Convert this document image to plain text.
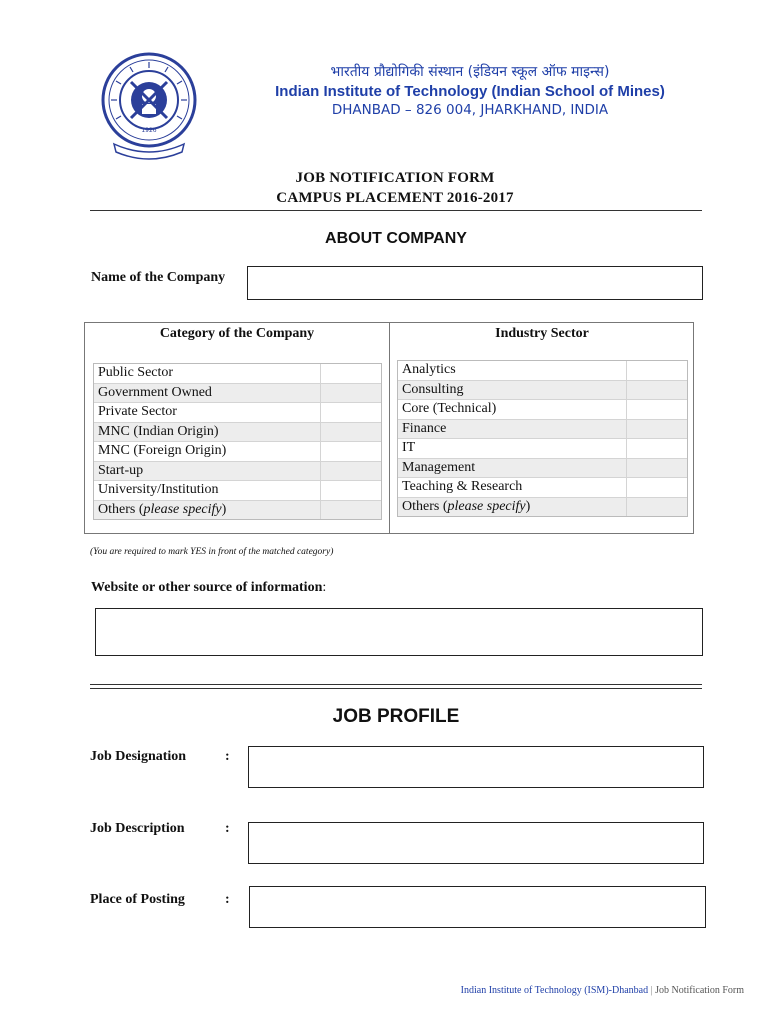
1926
भारतीय प्रौद्योगिकी संस्थान (इंडियन स्कूल ऑफ माइन्स)
Indian Institute of Technology (Indian School of Mines)
DHANBAD – 826 004, JHARKHAND, INDIA
JOB NOTIFICATION FORM
CAMPUS PLACEMENT 2016-2017
ABOUT COMPANY
Name of the Company
Category of the Company	Industry Sector
Public Sector
Government Owned
Private Sector
MNC (Indian Origin)
MNC (Foreign Origin)
Start-up
University/Institution
Others (please specify)
Analytics
Consulting
Core (Technical)
Finance
IT
Management
Teaching & Research
Others (please specify)
(You are required to mark YES in front of the matched category)
Website or other source of information:
JOB PROFILE
Job Designation	:
Job Description	:
Place of Posting	:
Indian Institute of Technology (ISM)-Dhanbad | Job Notification Form
